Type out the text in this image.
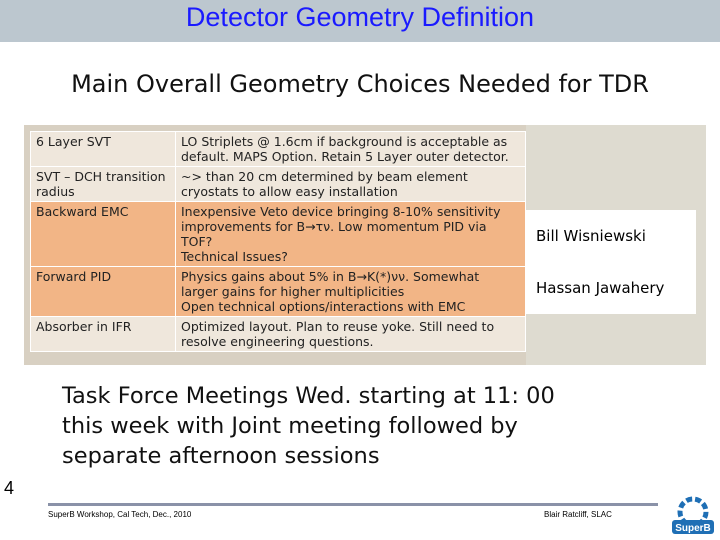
Detector Geometry Definition
Main Overall Geometry Choices Needed for TDR
6 Layer SVT	LO Striplets @ 1.6cm if background is acceptable as
default. MAPS Option. Retain 5 Layer outer detector.

SVT – DCH transition radius	~> than 20 cm determined by beam element
cryostats to allow easy installation

Backward EMC	Inexpensive Veto device bringing 8-10% sensitivity
improvements for B→τν. Low momentum PID via TOF?
Technical Issues?

Forward PID	Physics gains about 5% in B→K(*)νν. Somewhat
larger gains for higher multiplicities
Open technical options/interactions with EMC

Absorber in IFR	Optimized layout. Plan to reuse yoke. Still need to
resolve engineering questions.
Bill Wisniewski
Hassan Jawahery
Task Force Meetings Wed. starting at 11: 00 this week with Joint meeting followed by separate afternoon sessions
4
SuperB Workshop, Cal Tech, Dec., 2010	Blair Ratcliff, SLAC
SuperB
